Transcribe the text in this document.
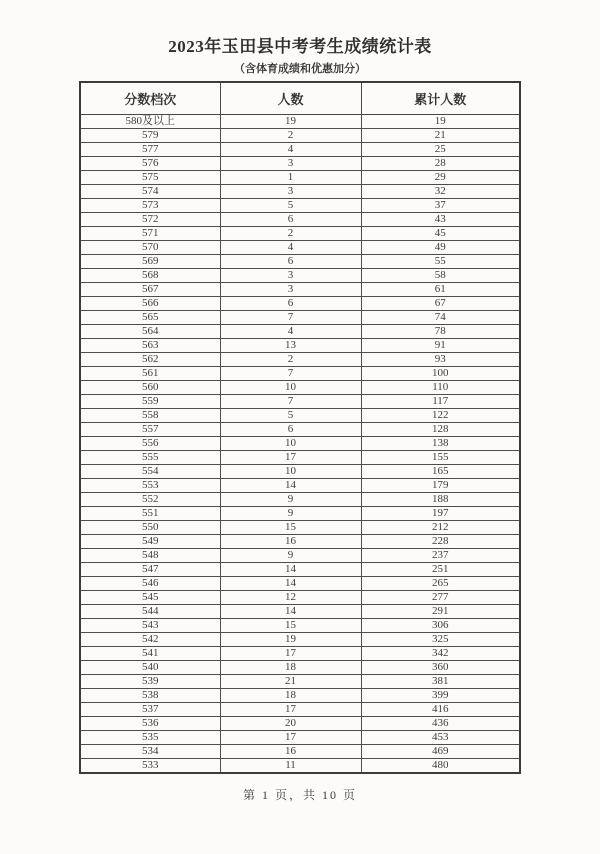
2023年玉田县中考考生成绩统计表
（含体育成绩和优惠加分）
分数档次	人数	累计人数
580及以上	19	19
579	2	21
577	4	25
576	3	28
575	1	29
574	3	32
573	5	37
572	6	43
571	2	45
570	4	49
569	6	55
568	3	58
567	3	61
566	6	67
565	7	74
564	4	78
563	13	91
562	2	93
561	7	100
560	10	110
559	7	117
558	5	122
557	6	128
556	10	138
555	17	155
554	10	165
553	14	179
552	9	188
551	9	197
550	15	212
549	16	228
548	9	237
547	14	251
546	14	265
545	12	277
544	14	291
543	15	306
542	19	325
541	17	342
540	18	360
539	21	381
538	18	399
537	17	416
536	20	436
535	17	453
534	16	469
533	11	480
第 1 页，共 10 页
